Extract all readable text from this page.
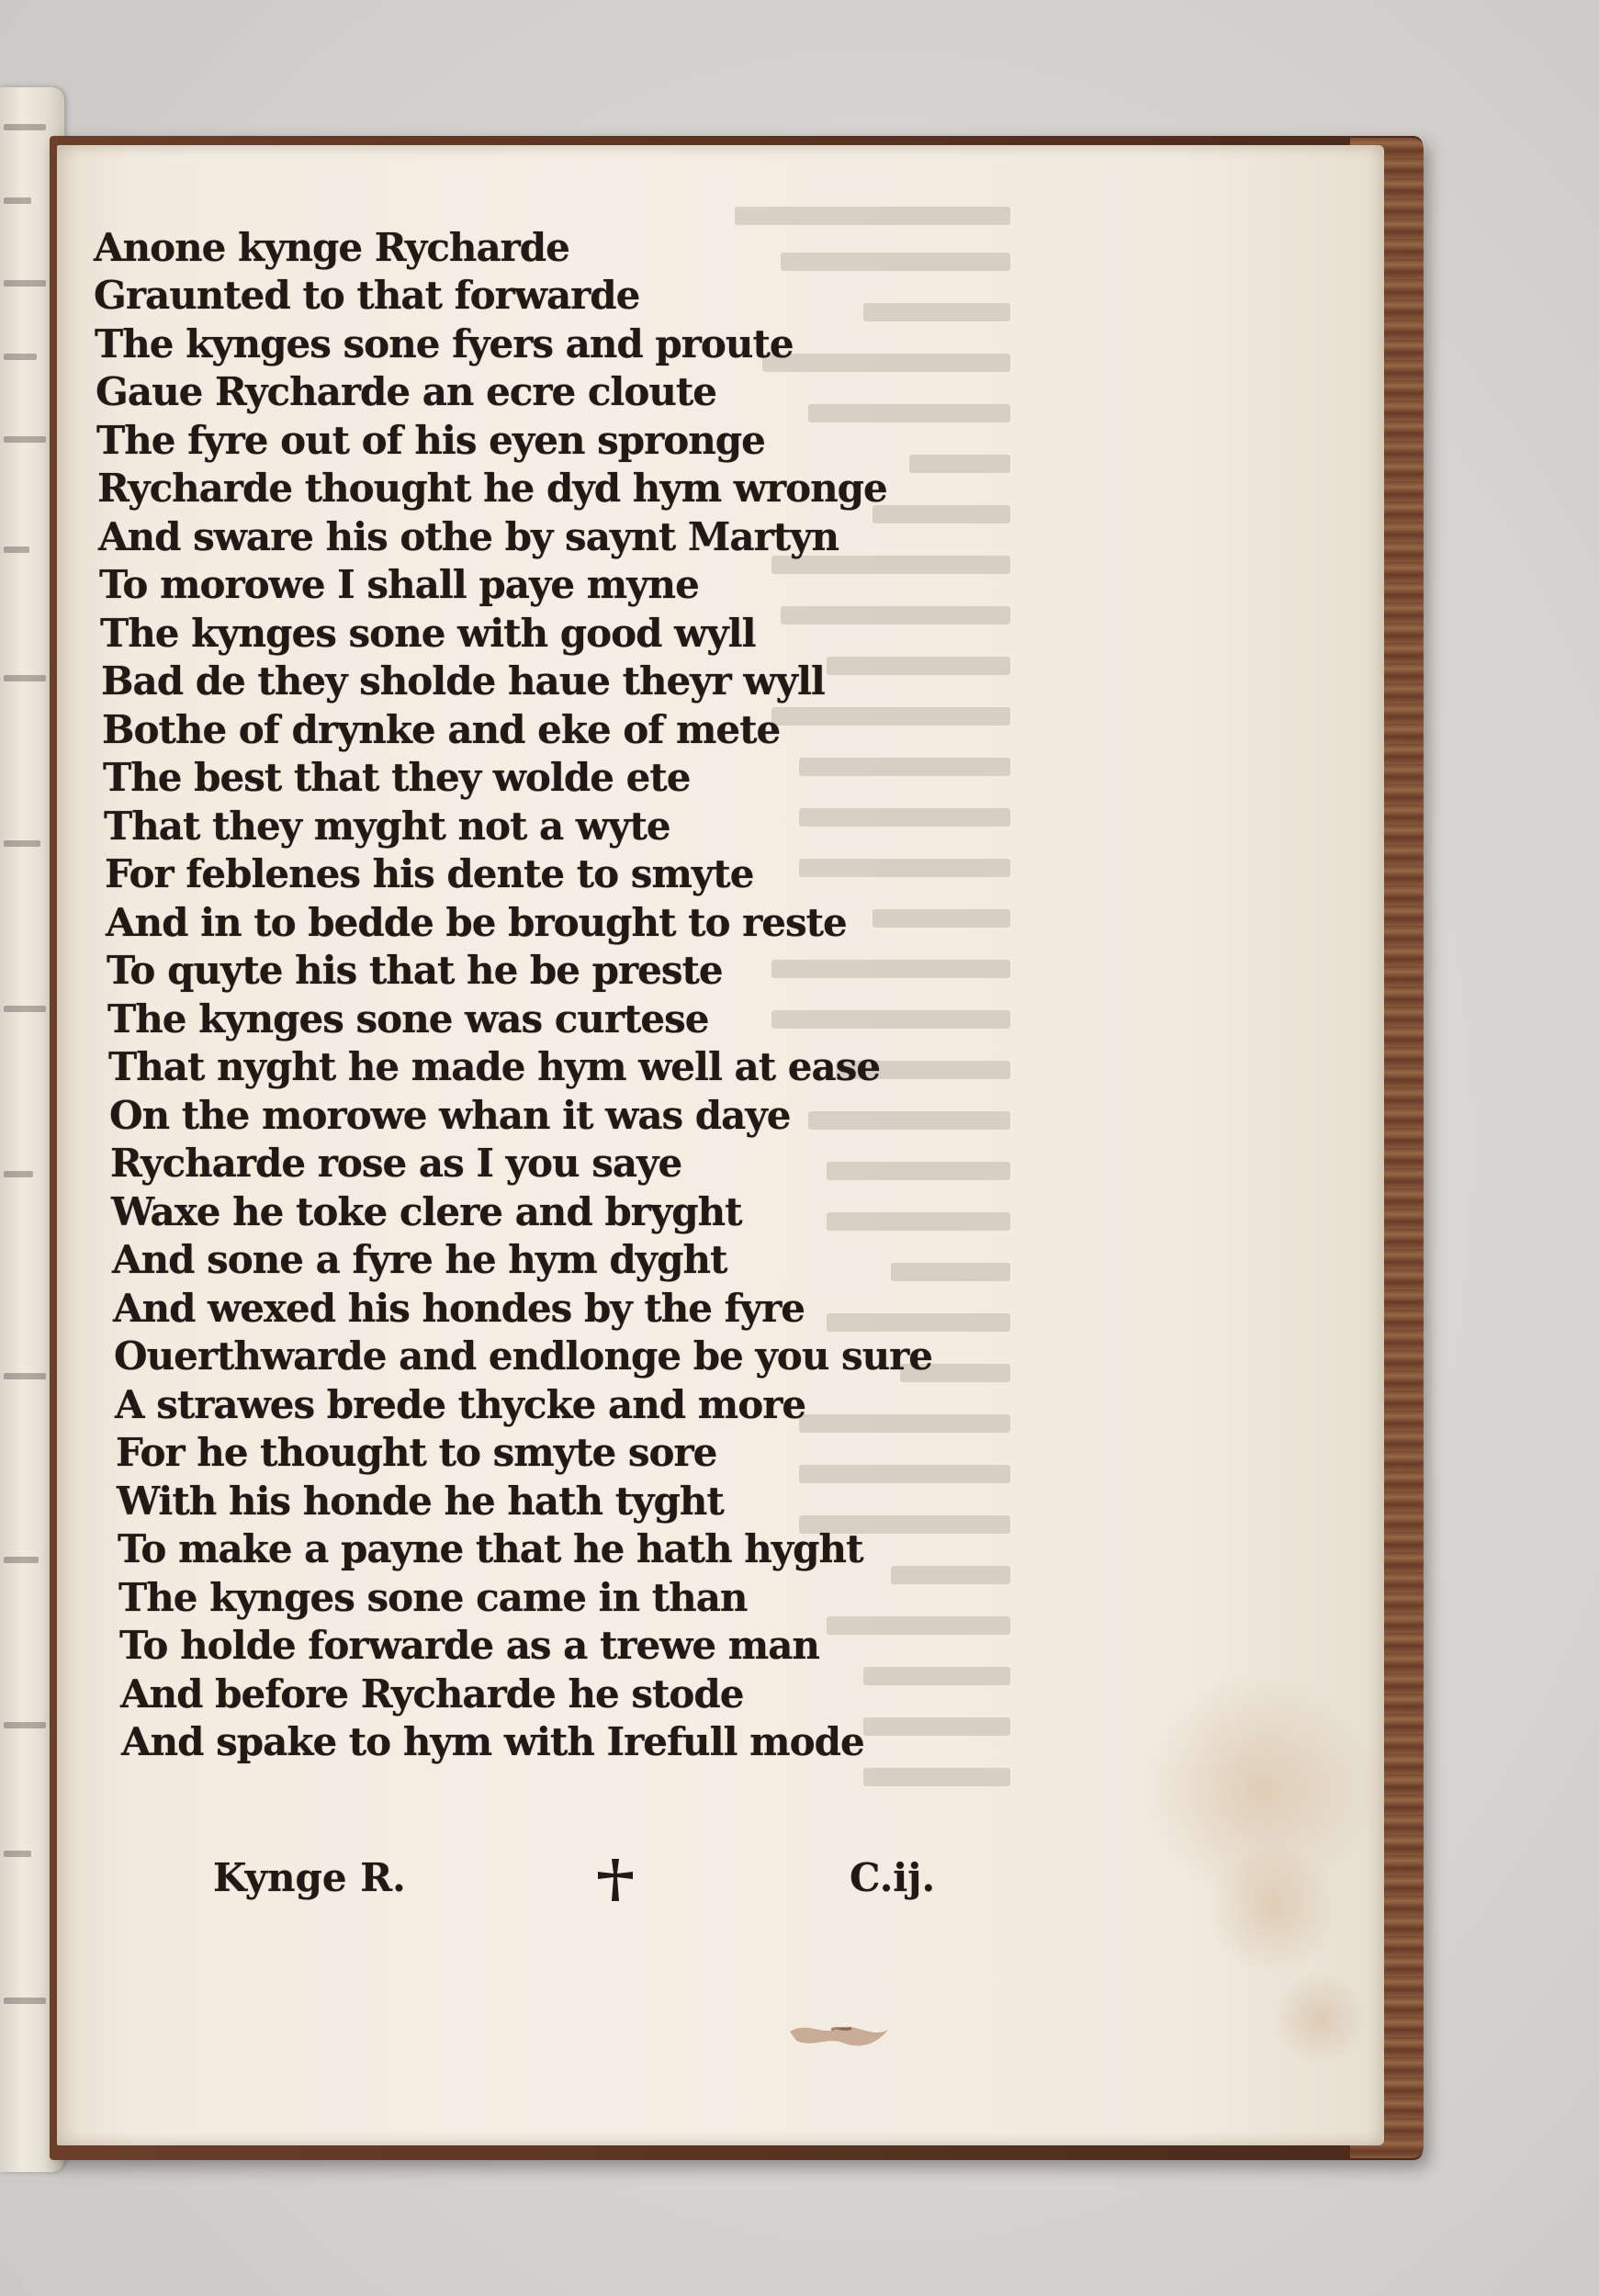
Anone kynge Rycharde

Graunted to that forwarde

The kynges sone fyers and proute

Gaue Rycharde an ecre cloute

The fyre out of his eyen spronge

Rycharde thought he dyd hym wronge

And sware his othe by saynt Martyn

To morowe I shall paye myne

The kynges sone with good wyll

Bad de they sholde haue theyr wyll

Bothe of drynke and eke of mete

The best that they wolde ete

That they myght not a wyte

For feblenes his dente to smyte

And in to bedde be brought to reste

To quyte his that he be preste

The kynges sone was curtese

That nyght he made hym well at ease

On the morowe whan it was daye

Rycharde rose as I you saye

Waxe he toke clere and bryght

And sone a fyre he hym dyght

And wexed his hondes by the fyre

Ouerthwarde and endlonge be you sure

A strawes brede thycke and more

For he thought to smyte sore

With his honde he hath tyght

To make a payne that he hath hyght

The kynges sone came in than

To holde forwarde as a trewe man

And before Rycharde he stode

And spake to hym with Irefull mode

Kynge R.	C.ij.
